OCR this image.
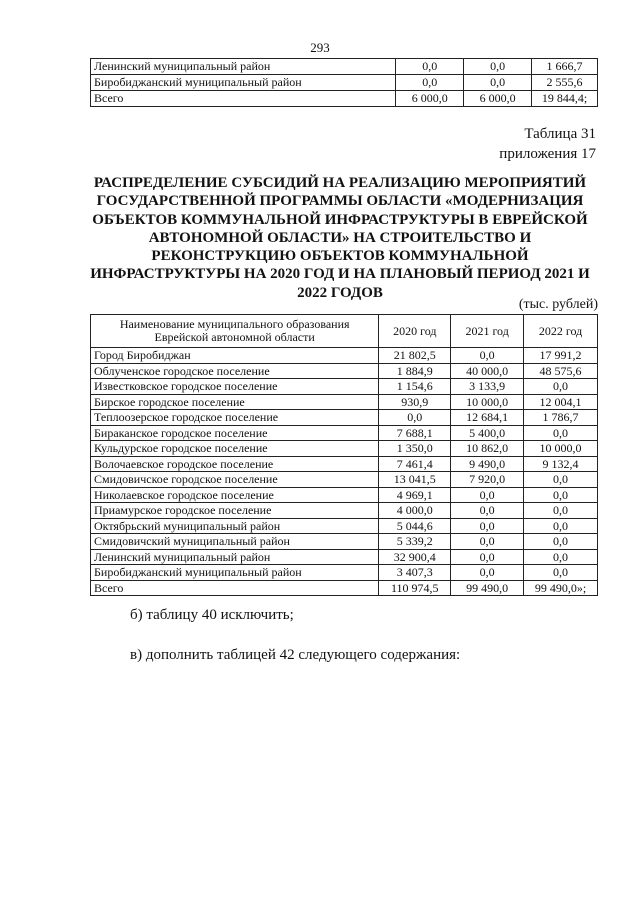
293
Ленинский муниципальный район	0,0	0,0	1 666,7
Биробиджанский муниципальный район	0,0	0,0	2 555,6
Всего	6 000,0	6 000,0	19 844,4;
Таблица 31
приложения 17
РАСПРЕДЕЛЕНИЕ СУБСИДИЙ НА РЕАЛИЗАЦИЮ МЕРОПРИЯТИЙ ГОСУДАРСТВЕННОЙ ПРОГРАММЫ ОБЛАСТИ «МОДЕРНИЗАЦИЯ ОБЪЕКТОВ КОММУНАЛЬНОЙ ИНФРАСТРУКТУРЫ В ЕВРЕЙСКОЙ АВТОНОМНОЙ ОБЛАСТИ» НА СТРОИТЕЛЬСТВО И РЕКОНСТРУКЦИЮ ОБЪЕКТОВ КОММУНАЛЬНОЙ ИНФРАСТРУКТУРЫ НА 2020 ГОД И НА ПЛАНОВЫЙ ПЕРИОД 2021 И 2022 ГОДОВ
(тыс. рублей)
Наименование муниципального образования Еврейской автономной области	2020 год	2021 год	2022 год
Город Биробиджан	21 802,5	0,0	17 991,2
Облученское городское поселение	1 884,9	40 000,0	48 575,6
Известковское городское поселение	1 154,6	3 133,9	0,0
Бирское городское поселение	930,9	10 000,0	12 004,1
Теплоозерское городское поселение	0,0	12 684,1	1 786,7
Бираканское городское поселение	7 688,1	5 400,0	0,0
Кульдурское городское поселение	1 350,0	10 862,0	10 000,0
Волочаевское городское поселение	7 461,4	9 490,0	9 132,4
Смидовичское городское поселение	13 041,5	7 920,0	0,0
Николаевское городское поселение	4 969,1	0,0	0,0
Приамурское городское поселение	4 000,0	0,0	0,0
Октябрьский муниципальный район	5 044,6	0,0	0,0
Смидовичский муниципальный район	5 339,2	0,0	0,0
Ленинский муниципальный район	32 900,4	0,0	0,0
Биробиджанский муниципальный район	3 407,3	0,0	0,0
Всего	110 974,5	99 490,0	99 490,0»;
б) таблицу 40 исключить;
в) дополнить таблицей 42 следующего содержания:
